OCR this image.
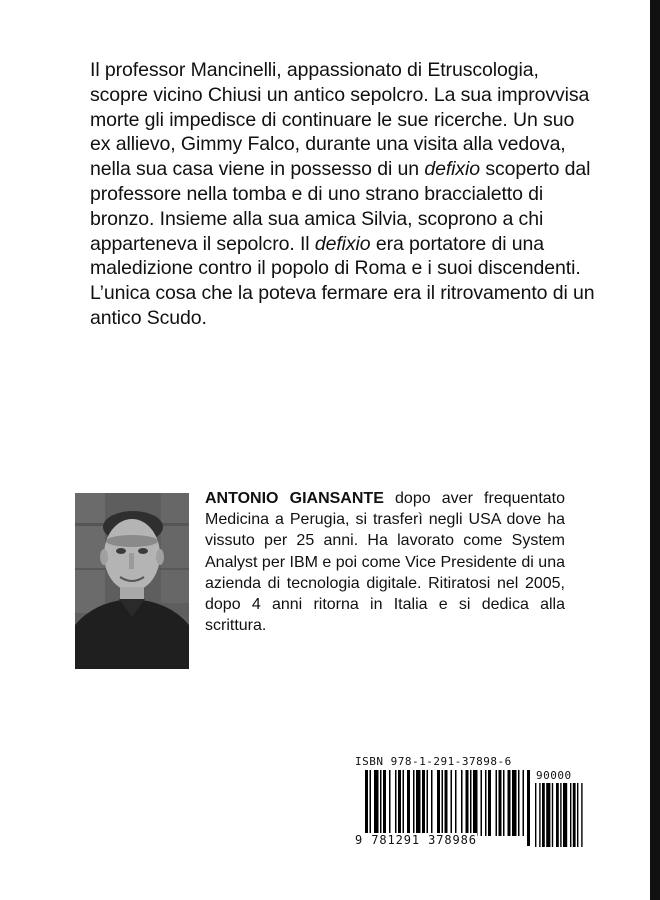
Il professor Mancinelli, appassionato di Etruscologia, scopre vicino Chiusi un antico sepolcro. La sua improvvisa morte gli impedisce di continuare le sue ricerche. Un suo ex allievo, Gimmy Falco, durante una visita alla vedova, nella sua casa viene in possesso di un defixio scoperto dal professore nella tomba e di uno strano braccialetto di bronzo. Insieme alla sua amica Silvia, scoprono a chi apparteneva il sepolcro. Il defixio era portatore di una maledizione contro il popolo di Roma e i suoi discendenti. L’unica cosa che la poteva fermare era il ritrovamento di un antico Scudo.

ANTONIO GIANSANTE dopo aver frequentato Medicina a Perugia, si trasferì negli USA dove ha vissuto per 25 anni. Ha lavorato come System Analyst per IBM e poi come Vice Presidente di una azienda di tecnologia digitale. Ritiratosi nel 2005, dopo 4 anni ritorna in Italia e si dedica alla scrittura.

ISBN 978-1-291-37898-6
90000
9 781291 378986
